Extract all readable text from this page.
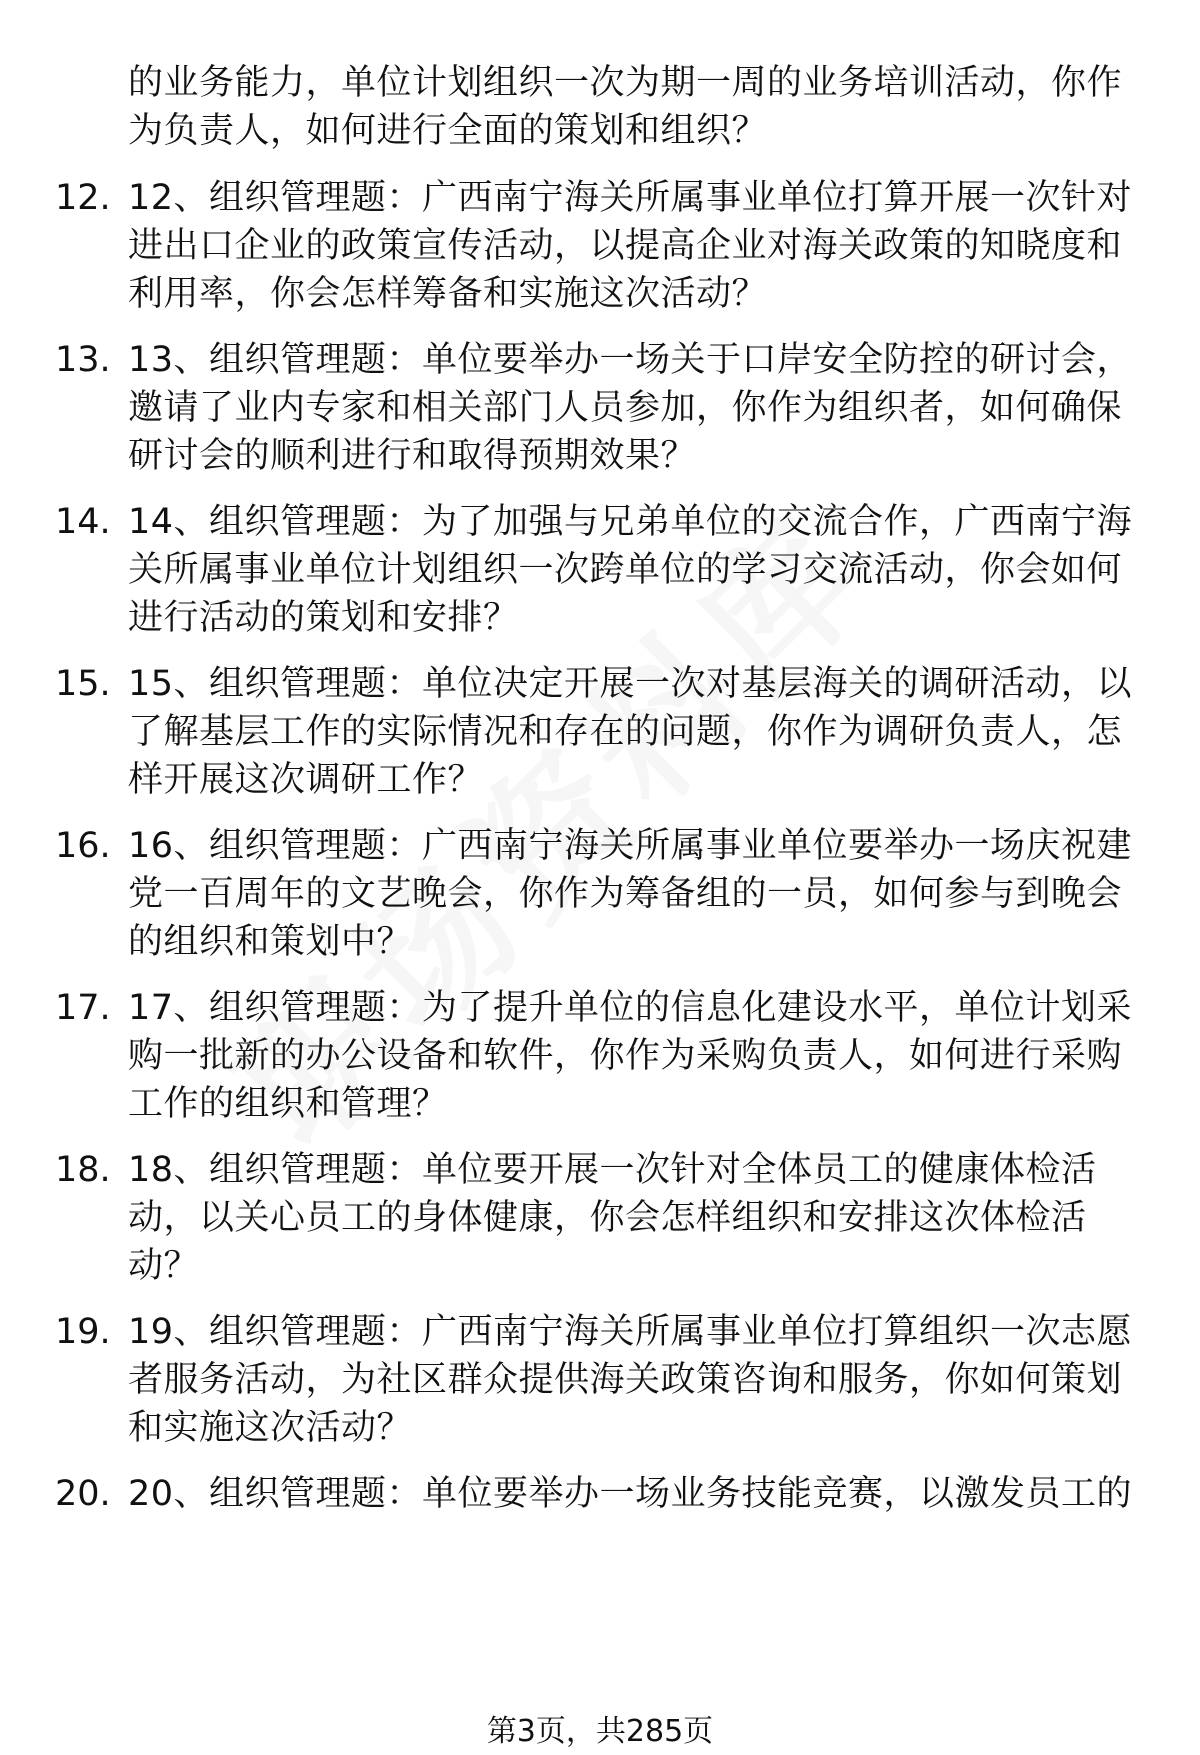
的业务能力，单位计划组织一次为期一周的业务培训活动，你作为负责人，如何进行全面的策划和组织？
12. 12、组织管理题：广西南宁海关所属事业单位打算开展一次针对进出口企业的政策宣传活动，以提高企业对海关政策的知晓度和利用率，你会怎样筹备和实施这次活动？
13. 13、组织管理题：单位要举办一场关于口岸安全防控的研讨会，邀请了业内专家和相关部门人员参加，你作为组织者，如何确保研讨会的顺利进行和取得预期效果？
14. 14、组织管理题：为了加强与兄弟单位的交流合作，广西南宁海关所属事业单位计划组织一次跨单位的学习交流活动，你会如何进行活动的策划和安排？
15. 15、组织管理题：单位决定开展一次对基层海关的调研活动，以了解基层工作的实际情况和存在的问题，你作为调研负责人，怎样开展这次调研工作？
16. 16、组织管理题：广西南宁海关所属事业单位要举办一场庆祝建党一百周年的文艺晚会，你作为筹备组的一员，如何参与到晚会的组织和策划中？
17. 17、组织管理题：为了提升单位的信息化建设水平，单位计划采购一批新的办公设备和软件，你作为采购负责人，如何进行采购工作的组织和管理？
18. 18、组织管理题：单位要开展一次针对全体员工的健康体检活动，以关心员工的身体健康，你会怎样组织和安排这次体检活动？
19. 19、组织管理题：广西南宁海关所属事业单位打算组织一次志愿者服务活动，为社区群众提供海关政策咨询和服务，你如何策划和实施这次活动？
20. 20、组织管理题：单位要举办一场业务技能竞赛，以激发员工的
第3页，共285页
